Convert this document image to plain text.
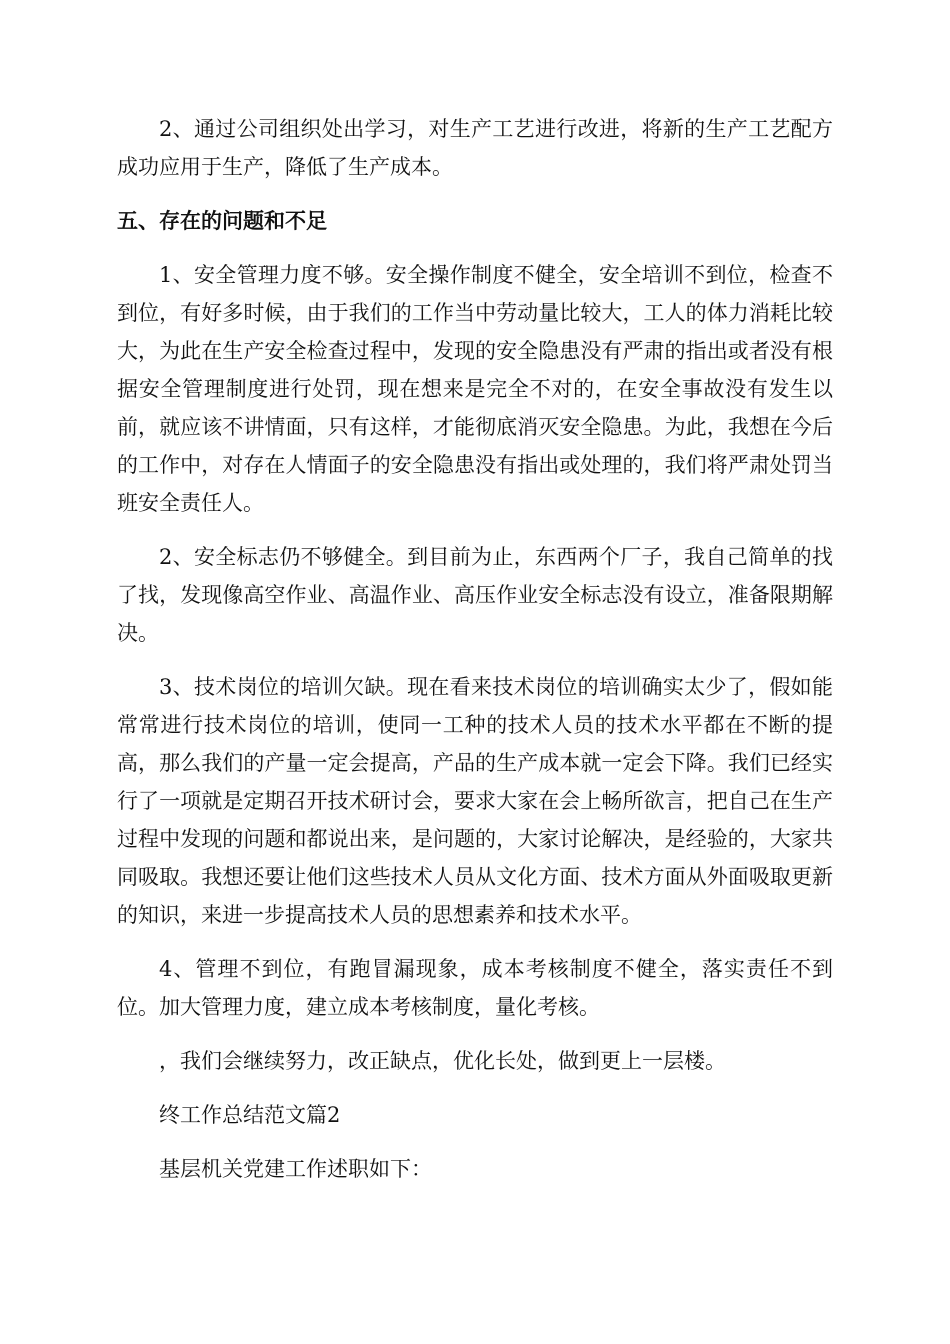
2、通过公司组织处出学习，对生产工艺进行改进，将新的生产工艺配方成功应用于生产，降低了生产成本。

五、存在的问题和不足

1、安全管理力度不够。安全操作制度不健全，安全培训不到位，检查不到位，有好多时候，由于我们的工作当中劳动量比较大，工人的体力消耗比较大，为此在生产安全检查过程中，发现的安全隐患没有严肃的指出或者没有根据安全管理制度进行处罚，现在想来是完全不对的，在安全事故没有发生以前，就应该不讲情面，只有这样，才能彻底消灭安全隐患。为此，我想在今后的工作中，对存在人情面子的安全隐患没有指出或处理的，我们将严肃处罚当班安全责任人。

2、安全标志仍不够健全。到目前为止，东西两个厂子，我自己简单的找了找，发现像高空作业、高温作业、高压作业安全标志没有设立，准备限期解决。

3、技术岗位的培训欠缺。现在看来技术岗位的培训确实太少了，假如能常常进行技术岗位的培训，使同一工种的技术人员的技术水平都在不断的提高，那么我们的产量一定会提高，产品的生产成本就一定会下降。我们已经实行了一项就是定期召开技术研讨会，要求大家在会上畅所欲言，把自己在生产过程中发现的问题和都说出来，是问题的，大家讨论解决，是经验的，大家共同吸取。我想还要让他们这些技术人员从文化方面、技术方面从外面吸取更新的知识，来进一步提高技术人员的思想素养和技术水平。

4、管理不到位，有跑冒漏现象，成本考核制度不健全，落实责任不到位。加大管理力度，建立成本考核制度，量化考核。

，我们会继续努力，改正缺点，优化长处，做到更上一层楼。

终工作总结范文篇2

基层机关党建工作述职如下：
